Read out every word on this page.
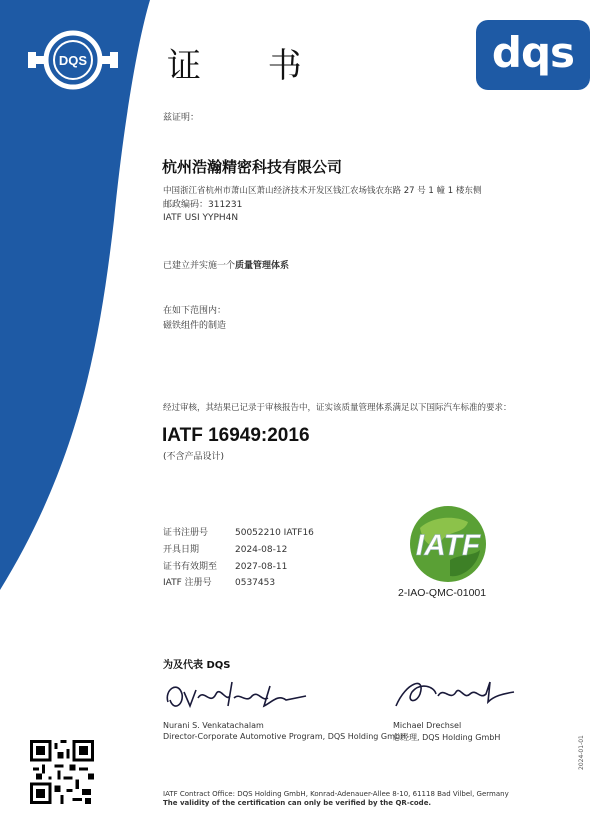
DQS 证 书	dqs
兹证明：
杭州浩瀚精密科技有限公司
中国浙江省杭州市萧山区萧山经济技术开发区钱江农场钱农东路 27 号 1 幢 1 楼东侧
邮政编码：311231
IATF USI YYPH4N
已建立并实施一个质量管理体系
在如下范围内：
磁铁组件的制造
经过审核，其结果已记录于审核报告中，证实该质量管理体系满足以下国际汽车标准的要求：
IATF 16949:2016
(不含产品设计)
证书注册号	50052210 IATF16
开具日期	2024-08-12
证书有效期至 2027-08-11
IATF 注册号	0537453
IATF
2-IAO-QMC-01001
为及代表 DQS
Nurani S. Venkatachalam
Director-Corporate Automotive Program, DQS Holding GmbH
Michael Drechsel
总经理, DQS Holding GmbH
IATF Contract Office: DQS Holding GmbH, Konrad-Adenauer-Allee 8-10, 61118 Bad Vilbel, Germany
The validity of the certification can only be verified by the QR-code.
2024-01-01
